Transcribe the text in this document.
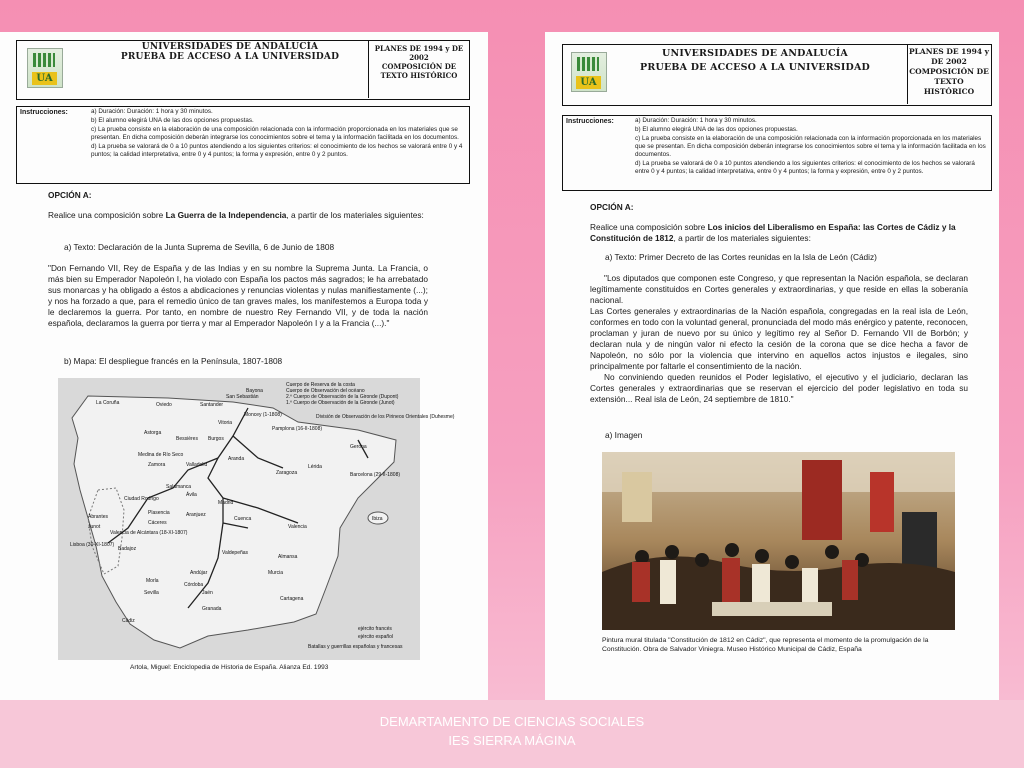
UA
UNIVERSIDADES DE ANDALUCÍA
PRUEBA DE ACCESO A LA UNIVERSIDAD
PLANES DE 1994 y DE
2002
COMPOSICIÓN DE
TEXTO HISTÓRICO
Instrucciones:	a) Duración: Duración: 1 hora y 30 minutos.
b) El alumno elegirá UNA de las dos opciones propuestas.
c) La prueba consiste en la elaboración de una composición relacionada con la información proporcionada en los materiales que se presentan. En dicha composición deberán integrarse los conocimientos sobre el tema y la información facilitada en los documentos.
d) La prueba se valorará de 0 a 10 puntos atendiendo a los siguientes criterios: el conocimiento de los hechos se valorará entre 0 y 4 puntos; la calidad interpretativa, entre 0 y 4 puntos; la forma y expresión, entre 0 y 2 puntos.
OPCIÓN A:
Realice una composición sobre La Guerra de la Independencia, a partir de los materiales siguientes:
a) Texto: Declaración de la Junta Suprema de Sevilla, 6 de Junio de 1808
"Don Fernando VII, Rey de España y de las Indias y en su nombre la Suprema Junta. La Francia, o más bien su Emperador Napoleón I, ha violado con España los pactos más sagrados; le ha arrebatado sus monarcas y ha obligado a éstos a abdicaciones y renuncias violentas y nulas manifiestamente (...); y nos ha forzado a que, para el remedio único de tan graves males, los manifestemos a Europa toda y le declaremos la guerra. Por tanto, en nombre de nuestro Rey Fernando VII, y de toda la nación española, declaramos la guerra por tierra y mar al Emperador Napoleón I y a la Francia (...)."
b) Mapa: El despliegue francés en la Península, 1807-1808
La Coruña	Oviedo	Santander
San Sebastián
Vitoria
Bayona
Burgos
Pamplona (16-II-1808)
Zaragoza
Gerona
Barcelona (29-II-1808)
Lérida
Medina de Río Seco
Valladolid
Zamora
Salamanca
Ciudad Rodrigo
Ávila
Madrid
Aranjuez
Cuenca
Valencia
Plasencia
Cáceres
Abrantes
Lisboa (30-XI-1807)
Badajoz
Valdepeñas
Almansa
Andújar
Córdoba
Jaén
Granada
Sevilla
Cádiz
Cartagena
Murcia
Ibiza
Bessières
Astorga
Aranda
Morla
Junot
Moncey (1-1808)
Valencia de Alcántara (18-XI-1807)
Cuerpo de Reserva de la costa
Cuerpo de Observación del océano
2.º Cuerpo de Observación de la Gironde (Dupont)
1.º Cuerpo de Observación de la Gironde (Junot)
División de Observación de los Pirineos Orientales (Duhesme)
ejército francés
ejército español
Batallas y guerrillas españolas y francesas
Artola, Miguel: Enciclopedia de Historia de España. Alianza Ed. 1993
UA
UNIVERSIDADES DE ANDALUCÍA
PRUEBA DE ACCESO A LA UNIVERSIDAD
PLANES DE 1994 y
DE 2002
COMPOSICIÓN DE
TEXTO
HISTÓRICO
Instrucciones:	a) Duración: Duración: 1 hora y 30 minutos.
b) El alumno elegirá UNA de las dos opciones propuestas.
c) La prueba consiste en la elaboración de una composición relacionada con la información proporcionada en los materiales que se presentan. En dicha composición deberán integrarse los conocimientos sobre el tema y la información facilitada en los documentos.
d) La prueba se valorará de 0 a 10 puntos atendiendo a los siguientes criterios: el conocimiento de los hechos se valorará entre 0 y 4 puntos; la calidad interpretativa, entre 0 y 4 puntos; la forma y expresión, entre 0 y 2 puntos.
OPCIÓN A:
Realice una composición sobre Los inicios del Liberalismo en España: las Cortes de Cádiz y la Constitución de 1812, a partir de los materiales siguientes:
a) Texto: Primer Decreto de las Cortes reunidas en la Isla de León (Cádiz)
"Los diputados que componen este Congreso, y que representan la Nación española, se declaran legítimamente constituidos en Cortes generales y extraordinarias, y que reside en ellas la soberanía nacional.
Las Cortes generales y extraordinarias de la Nación española, congregadas en la real isla de León, conformes en todo con la voluntad general, pronunciada del modo más enérgico y patente, reconocen, proclaman y juran de nuevo por su único y legítimo rey al Señor D. Fernando VII de Borbón; y declaran nula y de ningún valor ni efecto la cesión de la corona que se dice hecha a favor de Napoleón, no sólo por la violencia que intervino en aquellos actos injustos e ilegales, sino principalmente por faltarle el consentimiento de la nación.
No conviniendo queden reunidos el Poder legislativo, el ejecutivo y el judiciario, declaran las Cortes generales y extraordinarias que se reservan el ejercicio del poder legislativo en toda su extensión... Real isla de León, 24 septiembre de 1810."
a) Imagen
Pintura mural titulada "Constitución de 1812 en Cádiz", que representa el momento de la promulgación de la Constitución. Obra de Salvador Viniegra. Museo Histórico Municipal de Cádiz, España
DEMARTAMENTO DE CIENCIAS SOCIALES
IES SIERRA MÁGINA
